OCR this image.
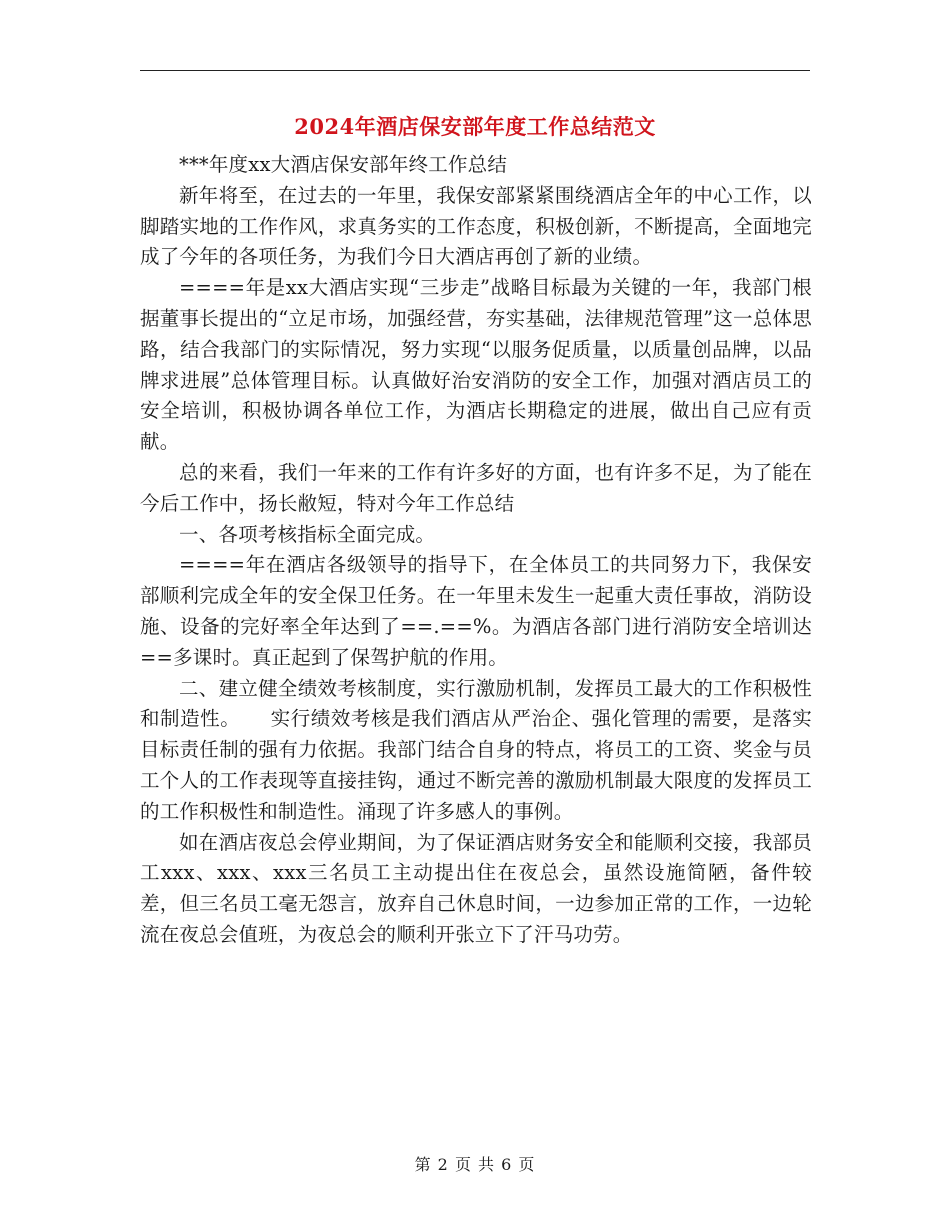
2024年酒店保安部年度工作总结范文

***年度xx大酒店保安部年终工作总结

新年将至，在过去的一年里，我保安部紧紧围绕酒店全年的中心工作，以脚踏实地的工作作风，求真务实的工作态度，积极创新，不断提高，全面地完成了今年的各项任务，为我们今日大酒店再创了新的业绩。

====年是xx大酒店实现“三步走”战略目标最为关键的一年，我部门根据董事长提出的“立足市场，加强经营，夯实基础，法律规范管理”这一总体思路，结合我部门的实际情况，努力实现“以服务促质量，以质量创品牌，以品牌求进展”总体管理目标。认真做好治安消防的安全工作，加强对酒店员工的安全培训，积极协调各单位工作，为酒店长期稳定的进展，做出自己应有贡献。

总的来看，我们一年来的工作有许多好的方面，也有许多不足，为了能在今后工作中，扬长敝短，特对今年工作总结

一、各项考核指标全面完成。

====年在酒店各级领导的指导下，在全体员工的共同努力下，我保安部顺利完成全年的安全保卫任务。在一年里未发生一起重大责任事故，消防设施、设备的完好率全年达到了==.==%。为酒店各部门进行消防安全培训达==多课时。真正起到了保驾护航的作用。

二、建立健全绩效考核制度，实行激励机制，发挥员工最大的工作积极性和制造性。　　实行绩效考核是我们酒店从严治企、强化管理的需要，是落实目标责任制的强有力依据。我部门结合自身的特点，将员工的工资、奖金与员工个人的工作表现等直接挂钩，通过不断完善的激励机制最大限度的发挥员工的工作积极性和制造性。涌现了许多感人的事例。

如在酒店夜总会停业期间，为了保证酒店财务安全和能顺利交接，我部员工xxx、xxx、xxx三名员工主动提出住在夜总会，虽然设施简陋，备件较差，但三名员工毫无怨言，放弃自己休息时间，一边参加正常的工作，一边轮流在夜总会值班，为夜总会的顺利开张立下了汗马功劳。

第 2 页 共 6 页
